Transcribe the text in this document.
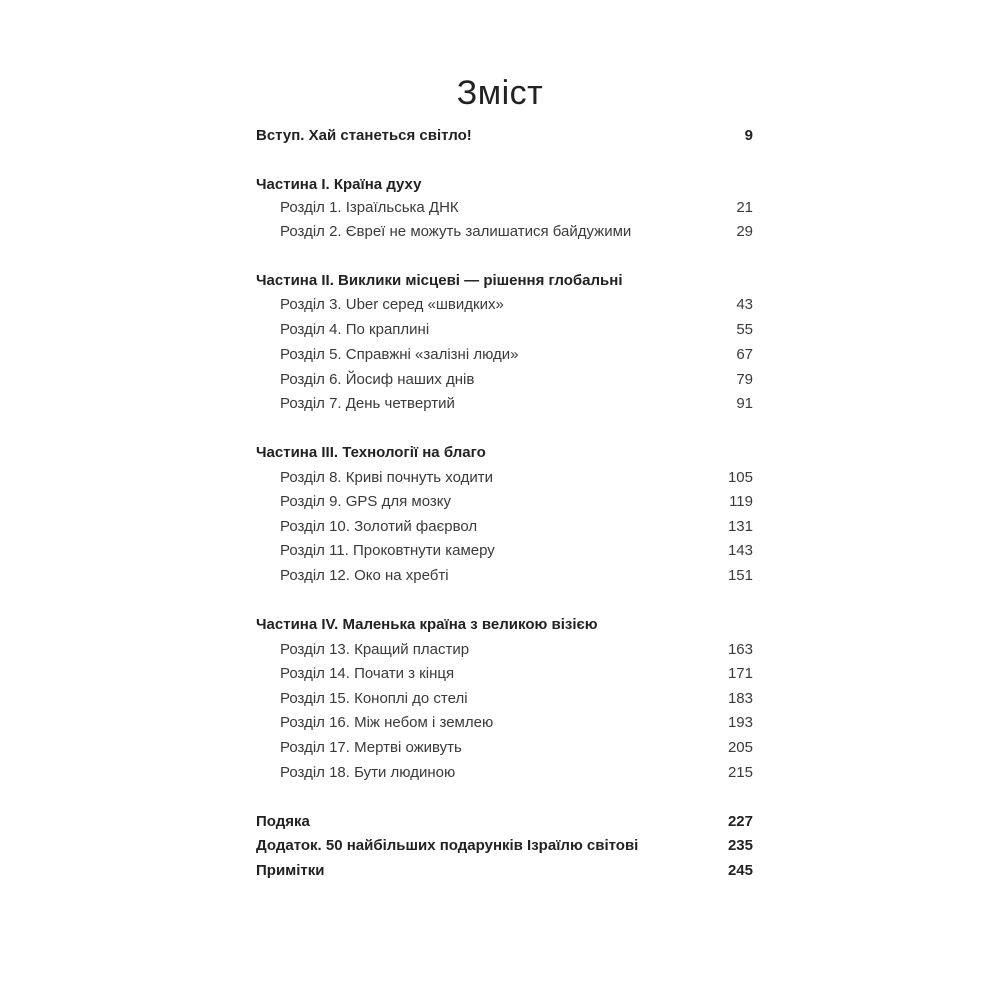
Зміст
Вступ. Хай станеться світло!	9
Частина І. Країна духу
Розділ 1. Ізраїльська ДНК	21
Розділ 2. Євреї не можуть залишатися байдужими	29
Частина ІІ. Виклики місцеві — рішення глобальні
Розділ 3. Uber серед «швидких»	43
Розділ 4. По краплині	55
Розділ 5. Справжні «залізні люди»	67
Розділ 6. Йосиф наших днів	79
Розділ 7. День четвертий	91
Частина ІІІ. Технології на благо
Розділ 8. Криві почнуть ходити	105
Розділ 9. GPS для мозку	119
Розділ 10. Золотий фаєрвол	131
Розділ 11. Проковтнути камеру	143
Розділ 12. Око на хребті	151
Частина IV. Маленька країна з великою візією
Розділ 13. Кращий пластир	163
Розділ 14. Почати з кінця	171
Розділ 15. Коноплі до стелі	183
Розділ 16. Між небом і землею	193
Розділ 17. Мертві оживуть	205
Розділ 18. Бути людиною	215
Подяка	227
Додаток. 50 найбільших подарунків Ізраїлю світові	235
Примітки	245
